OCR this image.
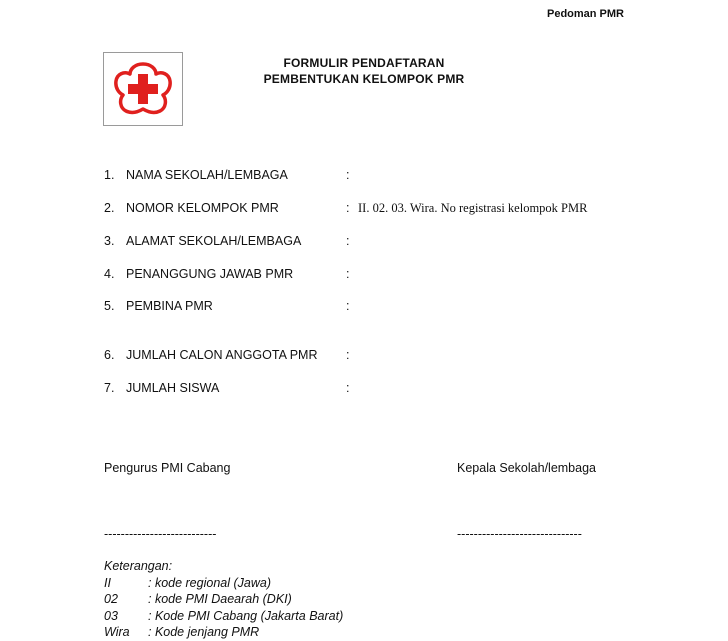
Pedoman PMR
FORMULIR PENDAFTARAN
PEMBENTUKAN KELOMPOK PMR
1. NAMA SEKOLAH/LEMBAGA	:
2. NOMOR KELOMPOK PMR	: II. 02. 03. Wira. No registrasi kelompok PMR
3. ALAMAT SEKOLAH/LEMBAGA	:
4. PENANGGUNG JAWAB PMR	:
5. PEMBINA PMR	:
6. JUMLAH CALON ANGGOTA PMR :
7. JUMLAH SISWA	:
Pengurus PMI Cabang	Kepala Sekolah/lembaga
---------------------------	------------------------------
Keterangan:
II	: kode regional (Jawa)
02 : kode PMI Daearah (DKI)
03 : Kode PMI Cabang (Jakarta Barat)
Wira : Kode jenjang PMR
